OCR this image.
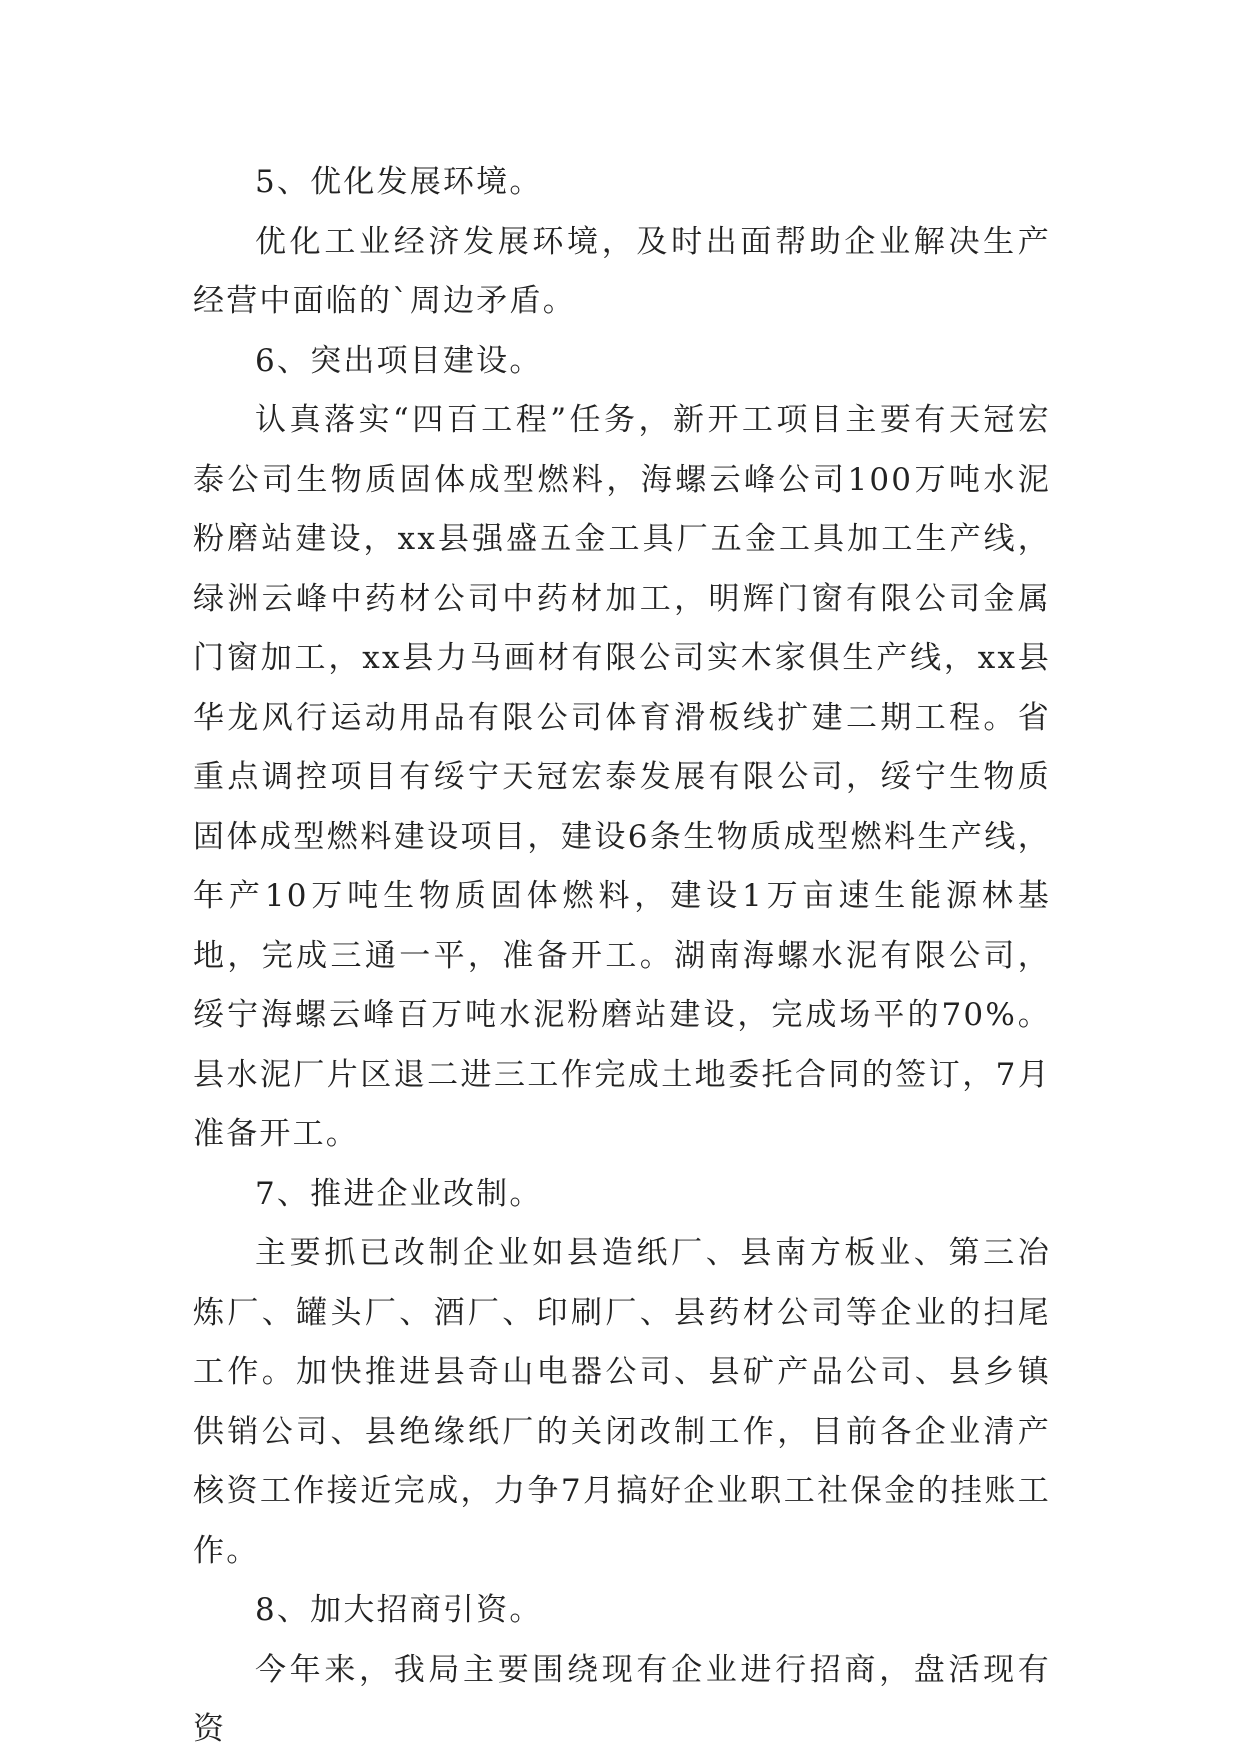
5、优化发展环境。

优化工业经济发展环境，及时出面帮助企业解决生产经营中面临的`周边矛盾。

6、突出项目建设。

认真落实“四百工程”任务，新开工项目主要有天冠宏泰公司生物质固体成型燃料，海螺云峰公司100万吨水泥粉磨站建设，xx县强盛五金工具厂五金工具加工生产线，绿洲云峰中药材公司中药材加工，明辉门窗有限公司金属门窗加工，xx县力马画材有限公司实木家俱生产线，xx县华龙风行运动用品有限公司体育滑板线扩建二期工程。省重点调控项目有绥宁天冠宏泰发展有限公司，绥宁生物质固体成型燃料建设项目，建设6条生物质成型燃料生产线，年产10万吨生物质固体燃料，建设1万亩速生能源林基地，完成三通一平，准备开工。湖南海螺水泥有限公司，绥宁海螺云峰百万吨水泥粉磨站建设，完成场平的70%。县水泥厂片区退二进三工作完成土地委托合同的签订，7月准备开工。

7、推进企业改制。

主要抓已改制企业如县造纸厂、县南方板业、第三冶炼厂、罐头厂、酒厂、印刷厂、县药材公司等企业的扫尾工作。加快推进县奇山电器公司、县矿产品公司、县乡镇供销公司、县绝缘纸厂的关闭改制工作，目前各企业清产核资工作接近完成，力争7月搞好企业职工社保金的挂账工作。

8、加大招商引资。

今年来，我局主要围绕现有企业进行招商，盘活现有资
